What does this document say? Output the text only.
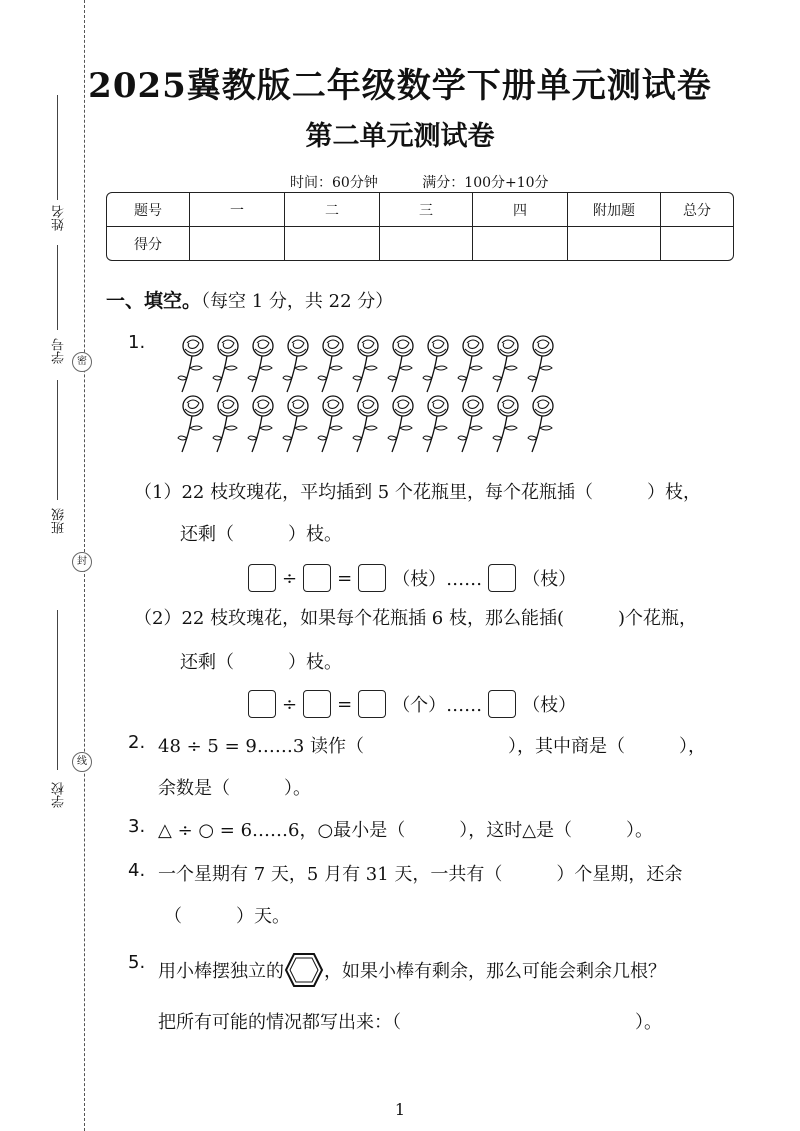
姓名
学号	密
班级
封
线
学校
2025冀教版二年级数学下册单元测试卷
第二单元测试卷
时间：60分钟	满分：100分+10分
题号	一	二	三	四	附加题	总分
得分						
一、填空。（每空 1 分，共 22 分）
1.
（1）22 枝玫瑰花，平均插到 5 个花瓶里，每个花瓶插（　　　）枝，
还剩（　　　）枝。
÷ = （枝）…… （枝）
（2）22 枝玫瑰花，如果每个花瓶插 6 枝，那么能插(　　　)个花瓶，
还剩（　　　）枝。
÷ = （个）…… （枝）
2. 48 ÷ 5 = 9……3 读作（　　　　　　　　），其中商是（　　　），
余数是（　　　）。
3. △ ÷ ○ = 6……6，○最小是（　　　），这时△是（　　　）。
4. 一个星期有 7 天，5 月有 31 天，一共有（　　　）个星期，还余
（　　　）天。
5. 用小棒摆独立的 ，如果小棒有剩余，那么可能会剩余几根？
把所有可能的情况都写出来：（　　　　　　　　　　　　　）。
1
